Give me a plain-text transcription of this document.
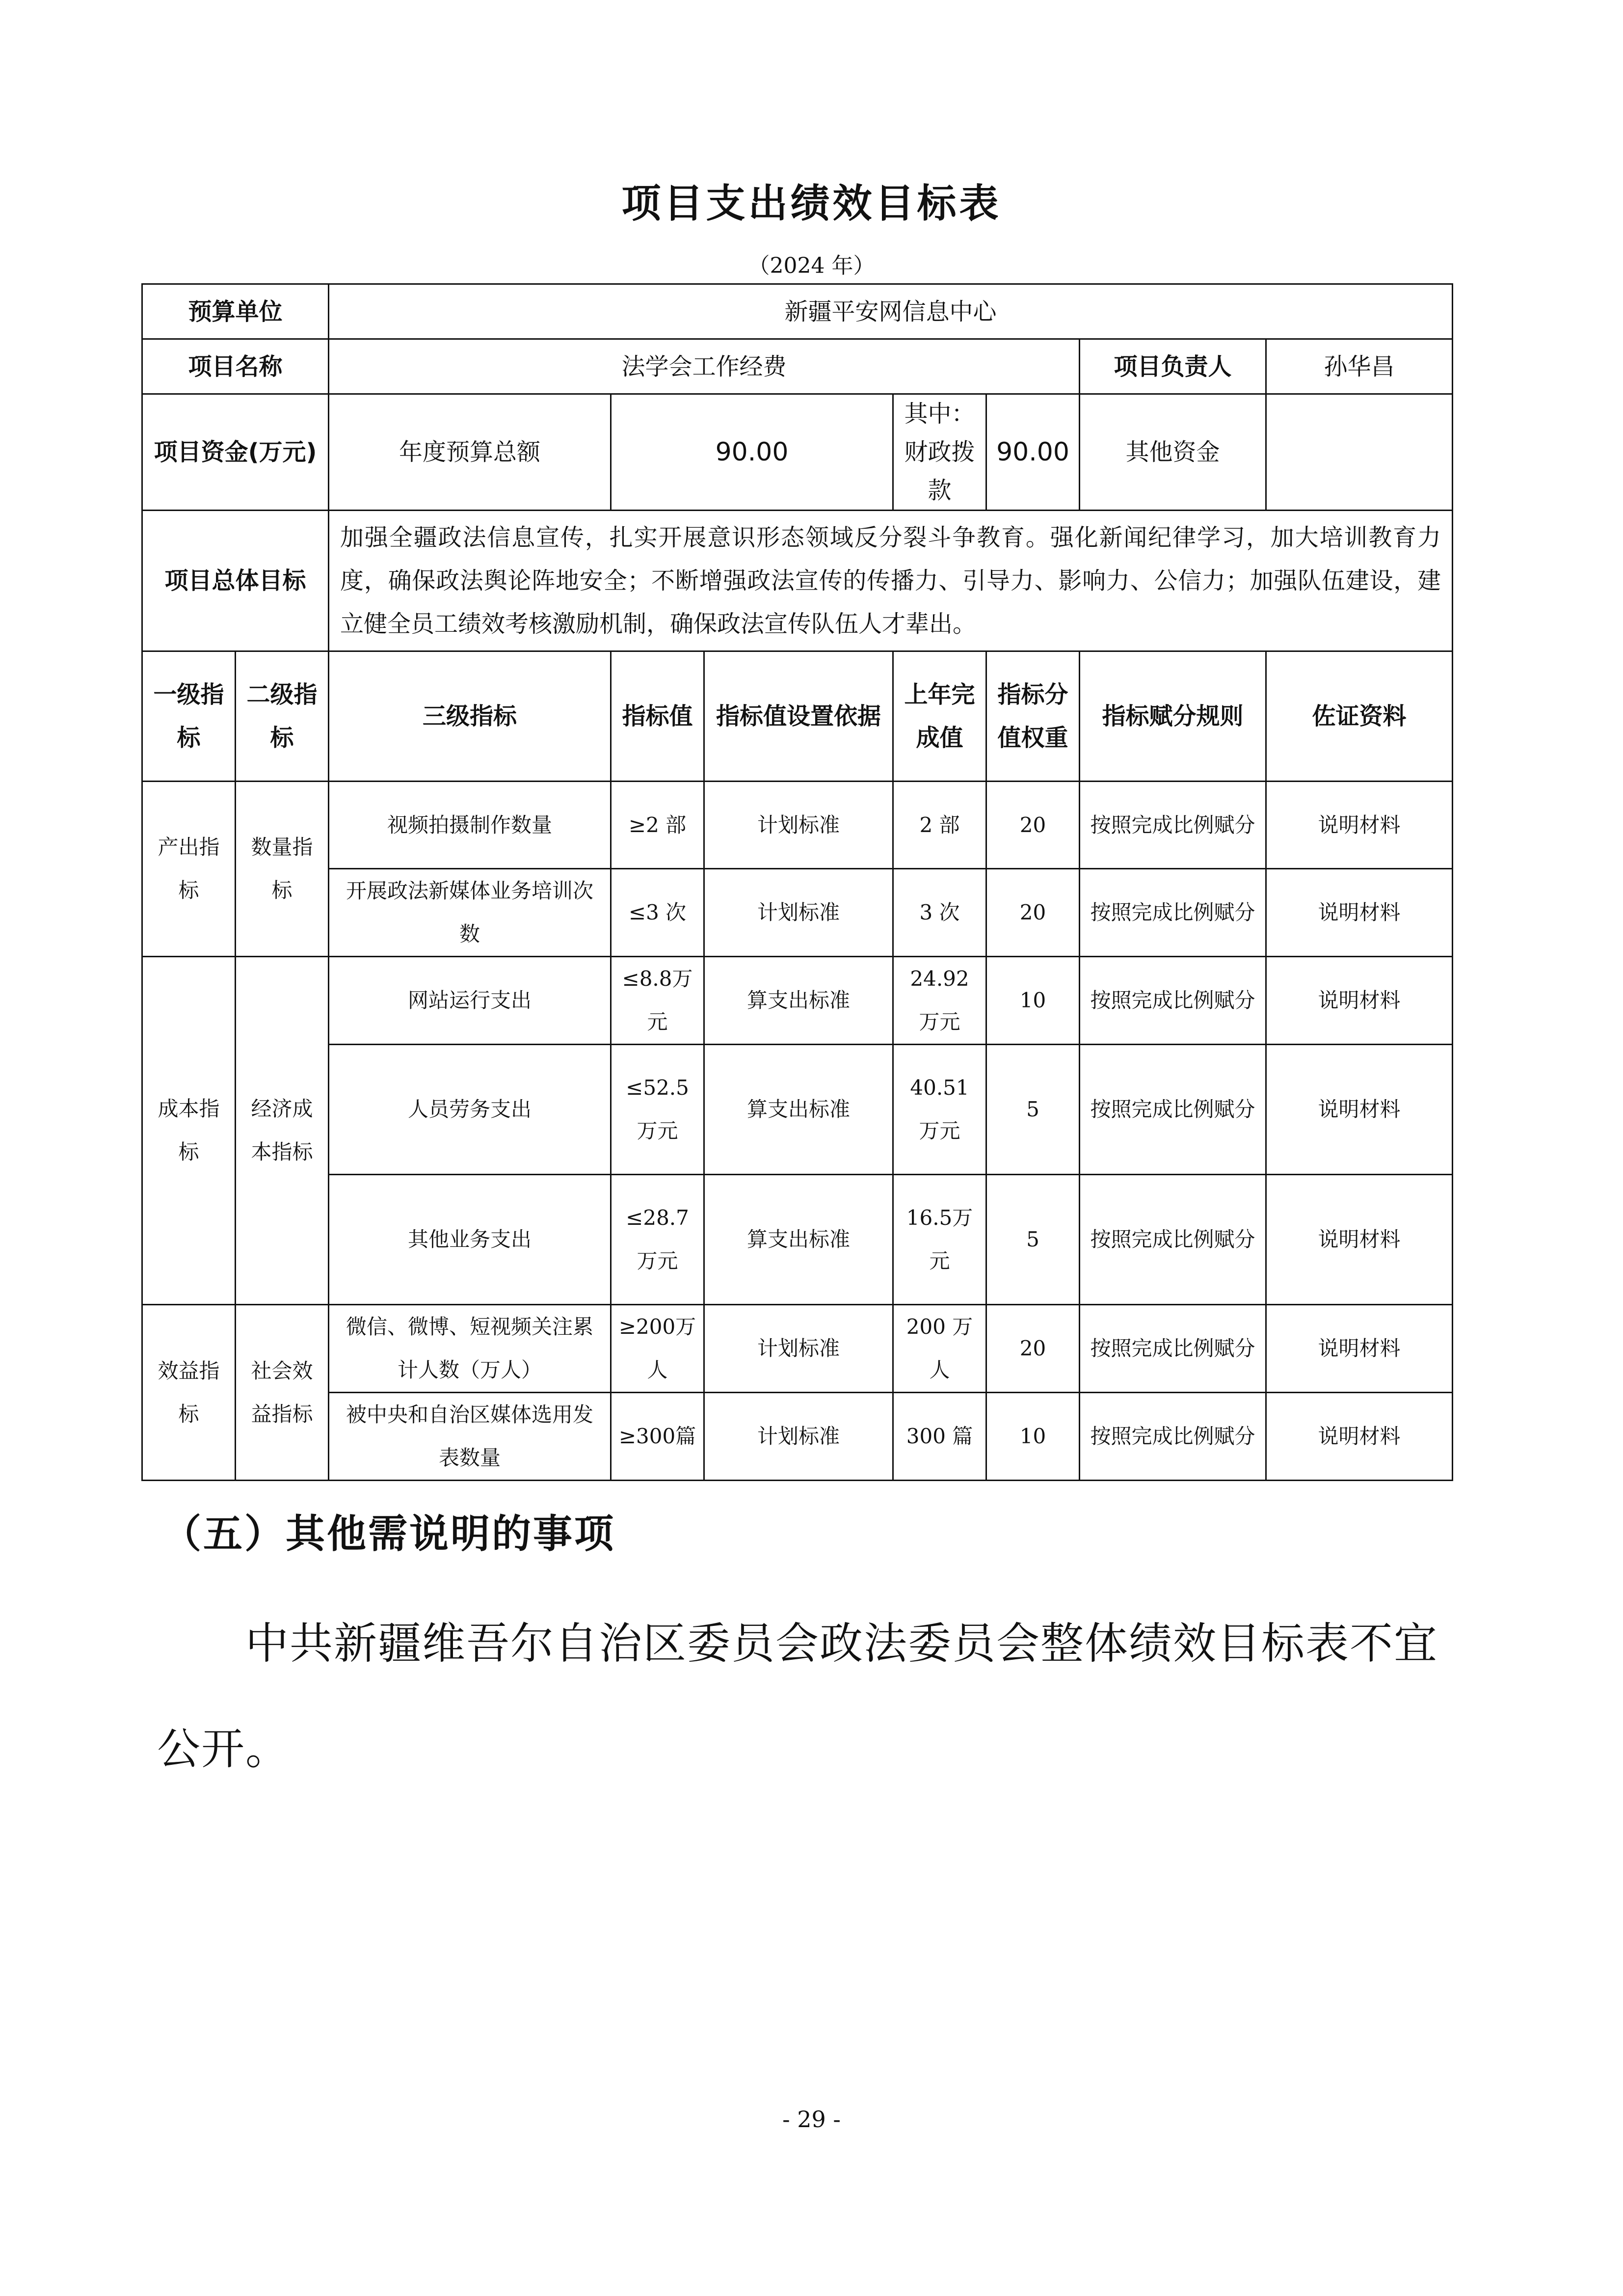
项目支出绩效目标表
（2024 年）
预算单位		新疆平安网信息中心						
项目名称		法学会工作经费					项目负责人	孙华昌
项目资金(万元)		年度预算总额	90.00		其中：财政拨款	90.00	其他资金	
项目总体目标		加强全疆政法信息宣传，扎实开展意识形态领域反分裂斗争教育。强化新闻纪律学习，加大培训教育力度，确保政法舆论阵地安全；不断增强政法宣传的传播力、引导力、影响力、公信力；加强队伍建设，建立健全员工绩效考核激励机制，确保政法宣传队伍人才辈出。						
一级指标	二级指标	三级指标	指标值	指标值设置依据	上年完成值	指标分值权重	指标赋分规则	佐证资料
产出指标	数量指标	视频拍摄制作数量	≥2 部	计划标准	2 部	20	按照完成比例赋分	说明材料
		开展政法新媒体业务培训次数	≤3 次	计划标准	3 次	20	按照完成比例赋分	说明材料
成本指标	经济成本指标	网站运行支出	≤8.8万元	算支出标准	24.92万元	10	按照完成比例赋分	说明材料
		人员劳务支出	≤52.5万元	算支出标准	40.51万元	5	按照完成比例赋分	说明材料
		其他业务支出	≤28.7万元	算支出标准	16.5万元	5	按照完成比例赋分	说明材料
效益指标	社会效益指标	微信、微博、短视频关注累计人数（万人）	≥200万人	计划标准	200 万人	20	按照完成比例赋分	说明材料
		被中央和自治区媒体选用发表数量	≥300篇	计划标准	300 篇	10	按照完成比例赋分	说明材料
（五）其他需说明的事项
中共新疆维吾尔自治区委员会政法委员会整体绩效目标表不宜公开。
- 29 -
